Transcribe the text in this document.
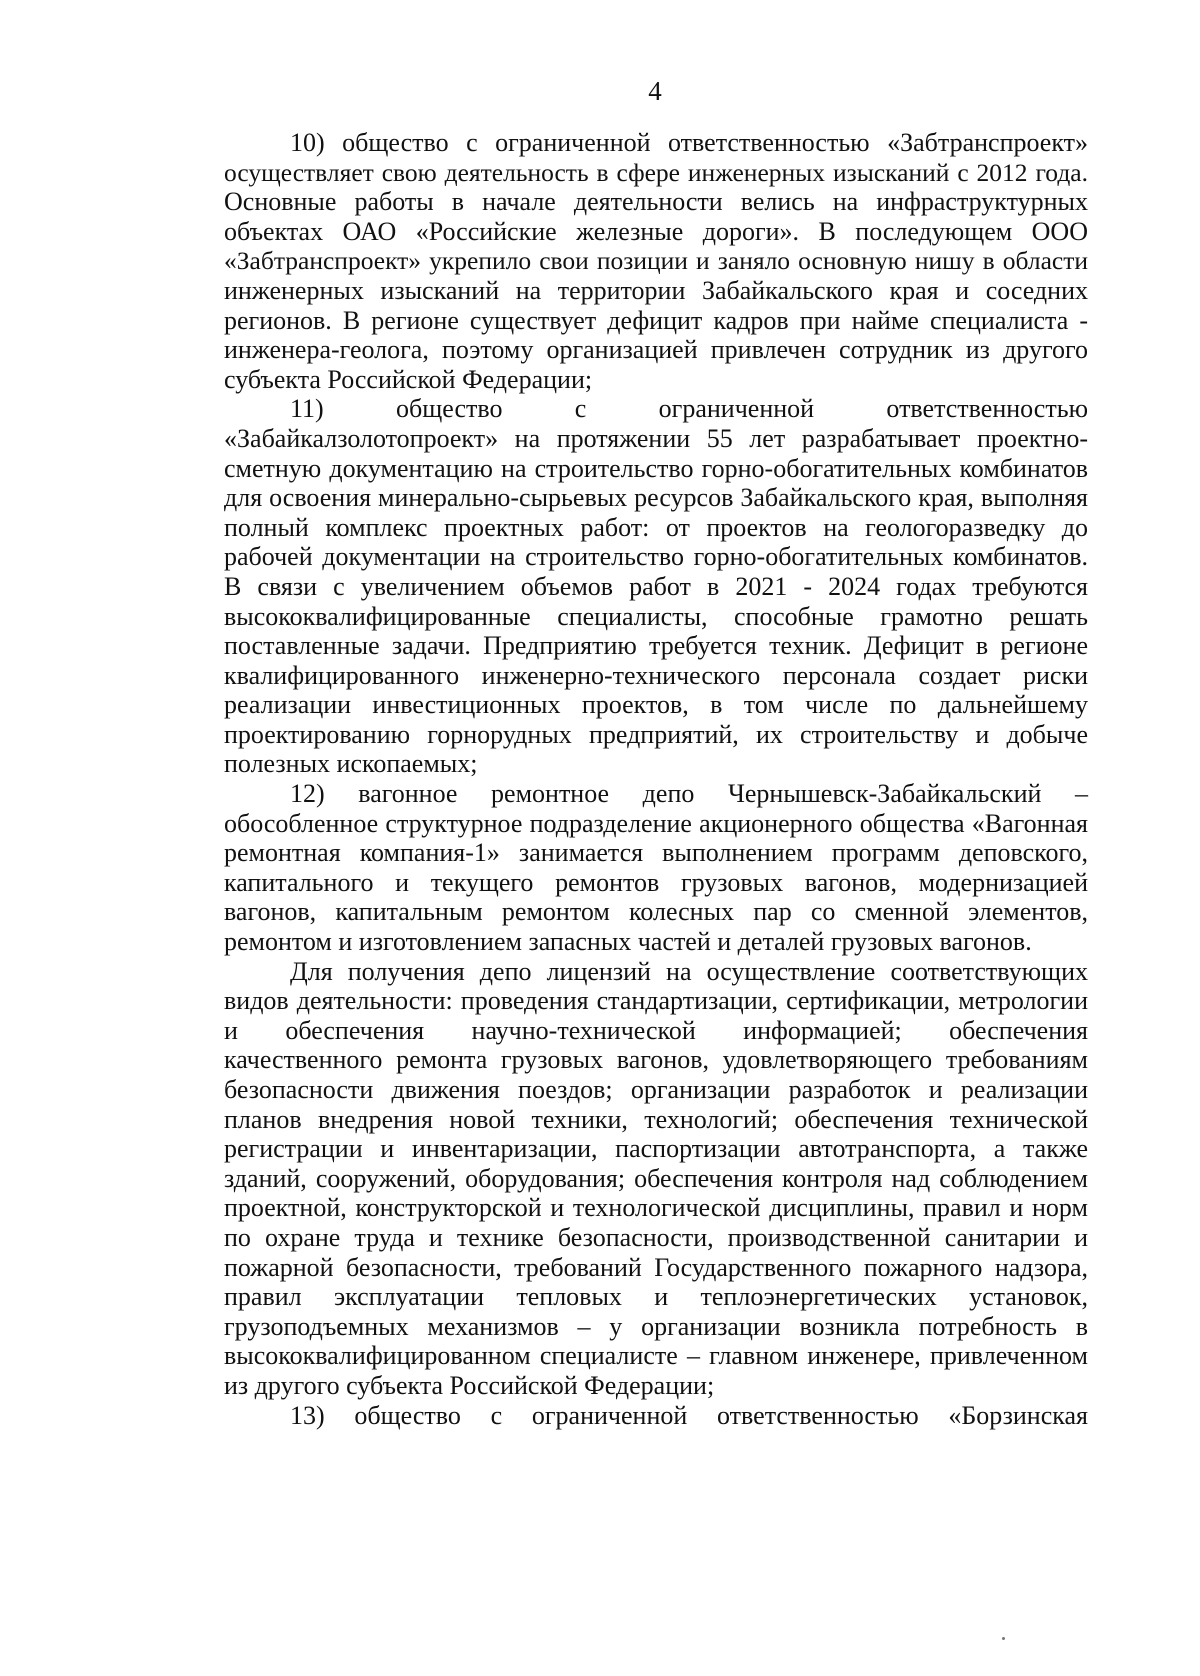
4
10) общество с ограниченной ответственностью «Забтранспроект»
осуществляет свою деятельность в сфере инженерных изысканий с 2012 года.
Основные работы в начале деятельности велись на инфраструктурных
объектах ОАО «Российские железные дороги». В последующем ООО
«Забтранспроект» укрепило свои позиции и заняло основную нишу в области
инженерных изысканий на территории Забайкальского края и соседних
регионов. В регионе существует дефицит кадров при найме специалиста -
инженера-геолога, поэтому организацией привлечен сотрудник из другого
субъекта Российской Федерации;
11) общество с ограниченной ответственностью
«Забайкалзолотопроект» на протяжении 55 лет разрабатывает проектно-
сметную документацию на строительство горно-обогатительных комбинатов
для освоения минерально-сырьевых ресурсов Забайкальского края, выполняя
полный комплекс проектных работ: от проектов на геологоразведку до
рабочей документации на строительство горно-обогатительных комбинатов.
В связи с увеличением объемов работ в 2021 - 2024 годах требуются
высококвалифицированные специалисты, способные грамотно решать
поставленные задачи. Предприятию требуется техник. Дефицит в регионе
квалифицированного инженерно-технического персонала создает риски
реализации инвестиционных проектов, в том числе по дальнейшему
проектированию горнорудных предприятий, их строительству и добыче
полезных ископаемых;
12) вагонное ремонтное депо Чернышевск-Забайкальский –
обособленное структурное подразделение акционерного общества «Вагонная
ремонтная компания-1» занимается выполнением программ деповского,
капитального и текущего ремонтов грузовых вагонов, модернизацией
вагонов, капитальным ремонтом колесных пар со сменной элементов,
ремонтом и изготовлением запасных частей и деталей грузовых вагонов.
Для получения депо лицензий на осуществление соответствующих
видов деятельности: проведения стандартизации, сертификации, метрологии
и обеспечения научно-технической информацией; обеспечения
качественного ремонта грузовых вагонов, удовлетворяющего требованиям
безопасности движения поездов; организации разработок и реализации
планов внедрения новой техники, технологий; обеспечения технической
регистрации и инвентаризации, паспортизации автотранспорта, а также
зданий, сооружений, оборудования; обеспечения контроля над соблюдением
проектной, конструкторской и технологической дисциплины, правил и норм
по охране труда и технике безопасности, производственной санитарии и
пожарной безопасности, требований Государственного пожарного надзора,
правил эксплуатации тепловых и теплоэнергетических установок,
грузоподъемных механизмов – у организации возникла потребность в
высококвалифицированном специалисте – главном инженере, привлеченном
из другого субъекта Российской Федерации;
13) общество с ограниченной ответственностью «Борзинская
